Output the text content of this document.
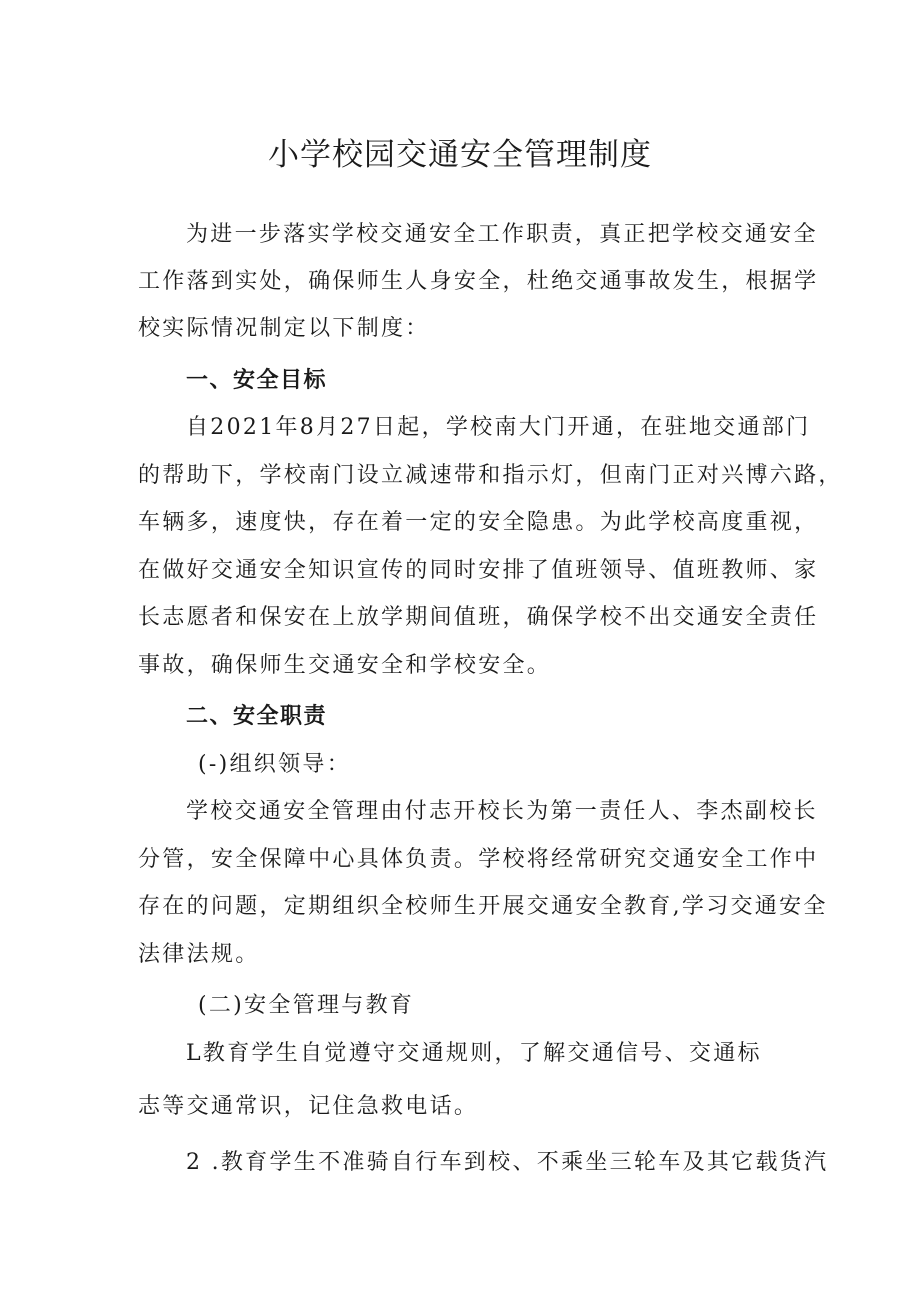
小学校园交通安全管理制度
为进一步落实学校交通安全工作职责，真正把学校交通安全
工作落到实处，确保师生人身安全，杜绝交通事故发生，根据学
校实际情况制定以下制度：
一、安全目标
自2021年8月27日起，学校南大门开通，在驻地交通部门
的帮助下，学校南门设立减速带和指示灯，但南门正对兴博六路，
车辆多，速度快，存在着一定的安全隐患。为此学校高度重视，
在做好交通安全知识宣传的同时安排了值班领导、值班教师、家
长志愿者和保安在上放学期间值班，确保学校不出交通安全责任
事故，确保师生交通安全和学校安全。
二、安全职责
(-)组织领导：
学校交通安全管理由付志开校长为第一责任人、李杰副校长
分管，安全保障中心具体负责。学校将经常研究交通安全工作中
存在的问题，定期组织全校师生开展交通安全教育,学习交通安全
法律法规。
(二)安全管理与教育
L教育学生自觉遵守交通规则，了解交通信号、交通标
志等交通常识，记住急救电话。
2 .教育学生不准骑自行车到校、不乘坐三轮车及其它载货汽
